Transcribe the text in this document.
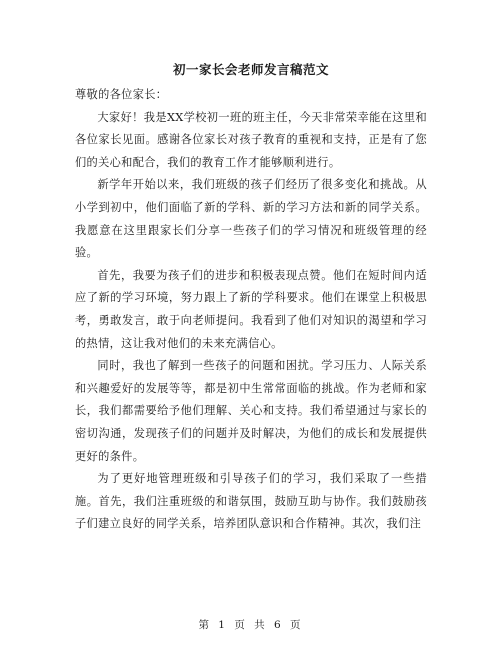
初一家长会老师发言稿范文

尊敬的各位家长：

大家好！我是XX学校初一班的班主任，今天非常荣幸能在这里和各位家长见面。感谢各位家长对孩子教育的重视和支持，正是有了您们的关心和配合，我们的教育工作才能够顺利进行。

新学年开始以来，我们班级的孩子们经历了很多变化和挑战。从小学到初中，他们面临了新的学科、新的学习方法和新的同学关系。我愿意在这里跟家长们分享一些孩子们的学习情况和班级管理的经验。

首先，我要为孩子们的进步和积极表现点赞。他们在短时间内适应了新的学习环境，努力跟上了新的学科要求。他们在课堂上积极思考，勇敢发言，敢于向老师提问。我看到了他们对知识的渴望和学习的热情，这让我对他们的未来充满信心。

同时，我也了解到一些孩子的问题和困扰。学习压力、人际关系和兴趣爱好的发展等等，都是初中生常常面临的挑战。作为老师和家长，我们都需要给予他们理解、关心和支持。我们希望通过与家长的密切沟通，发现孩子们的问题并及时解决，为他们的成长和发展提供更好的条件。

为了更好地管理班级和引导孩子们的学习，我们采取了一些措施。首先，我们注重班级的和谐氛围，鼓励互助与协作。我们鼓励孩子们建立良好的同学关系，培养团队意识和合作精神。其次，我们注

第 1 页 共 6 页
